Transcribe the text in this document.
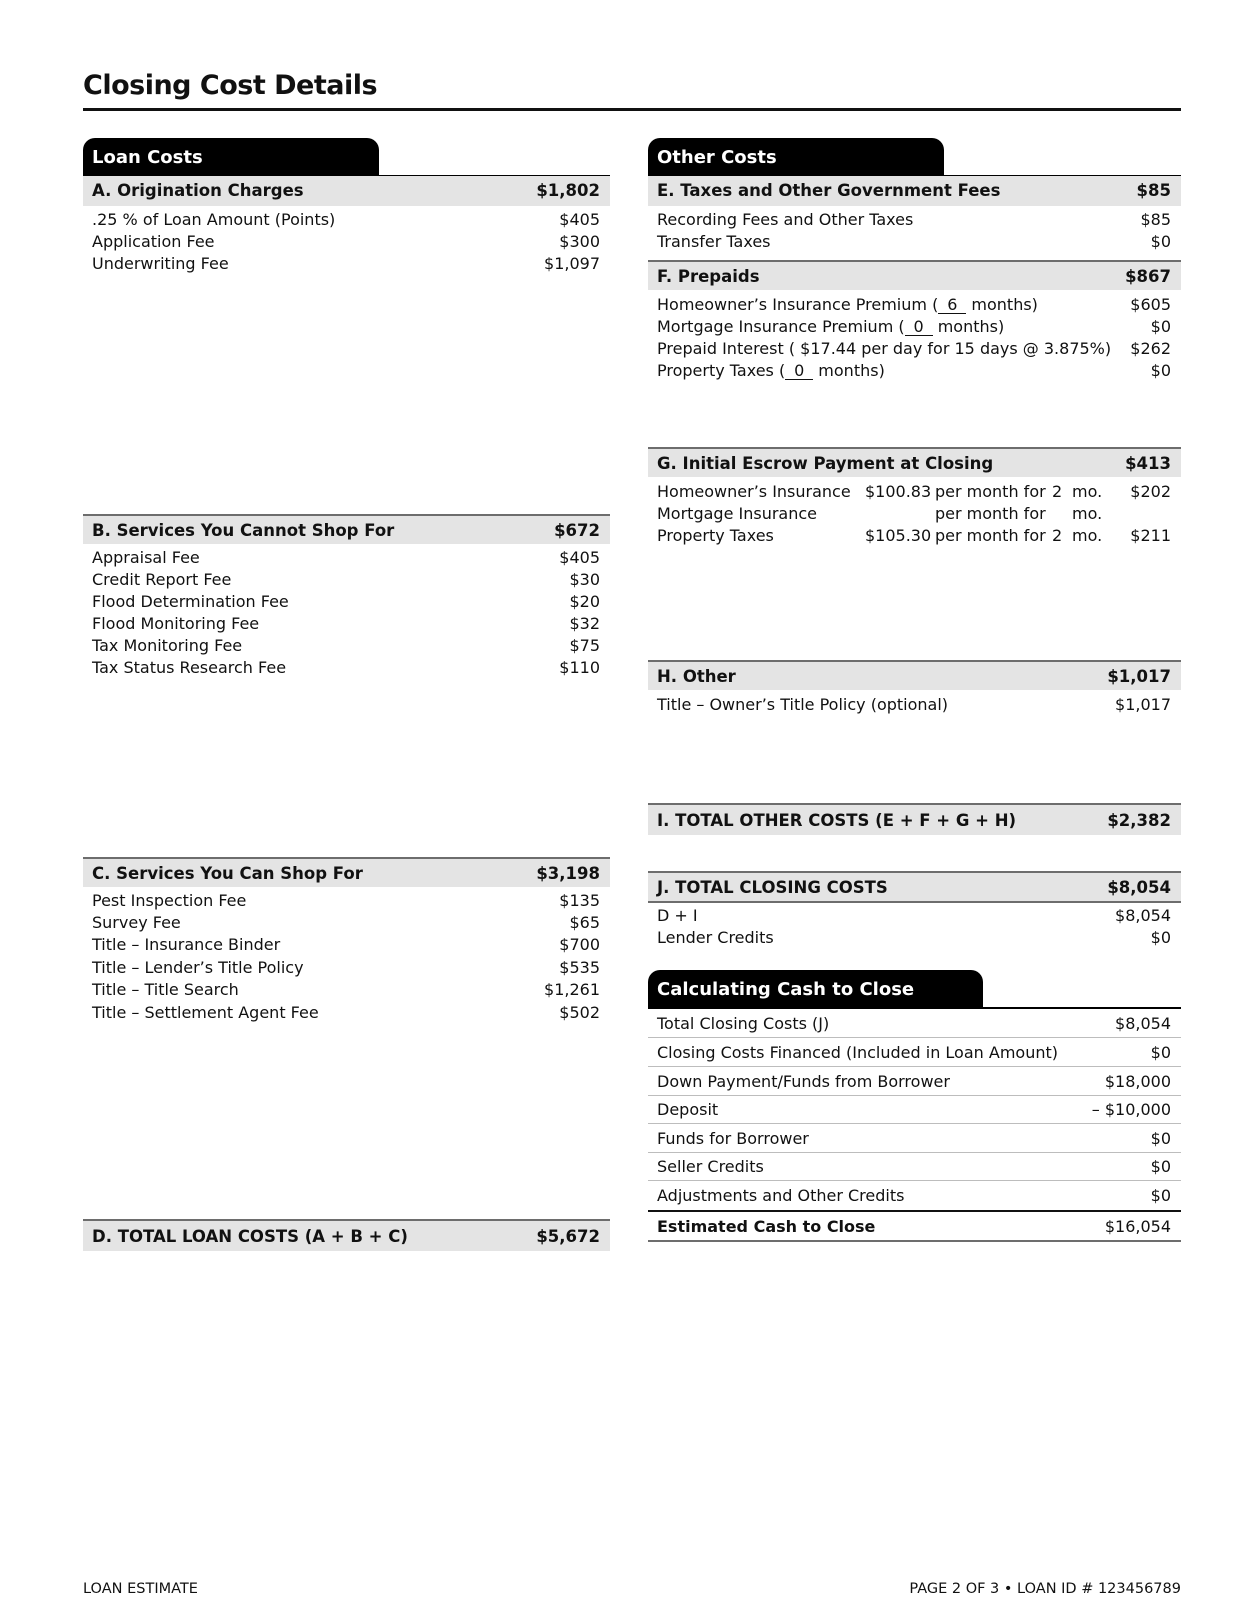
Closing Cost Details
Loan Costs
A. Origination Charges	$1,802
.25 % of Loan Amount (Points)	$405
Application Fee	$300
Underwriting Fee	$1,097
B. Services You Cannot Shop For	$672
Appraisal Fee	$405
Credit Report Fee	$30
Flood Determination Fee	$20
Flood Monitoring Fee	$32
Tax Monitoring Fee	$75
Tax Status Research Fee	$110
C. Services You Can Shop For	$3,198
Pest Inspection Fee	$135
Survey Fee	$65
Title – Insurance Binder	$700
Title – Lender’s Title Policy	$535
Title – Title Search	$1,261
Title – Settlement Agent Fee	$502
D. TOTAL LOAN COSTS (A + B + C)	$5,672
Other Costs
E. Taxes and Other Government Fees	$85
Recording Fees and Other Taxes	$85
Transfer Taxes	$0
F. Prepaids	$867
Homeowner’s Insurance Premium ( 6 months)	$605
Mortgage Insurance Premium ( 0 months)	$0
Prepaid Interest ( $17.44 per day for 15 days @ 3.875%) $262
Property Taxes ( 0 months)	$0
G. Initial Escrow Payment at Closing	$413
Homeowner’s Insurance $100.83 per month for 2 mo. $202
Mortgage Insurance	per month for mo.
Property Taxes	$105.30 per month for 2 mo. $211
H. Other	$1,017
Title – Owner’s Title Policy (optional)	$1,017
I. TOTAL OTHER COSTS (E + F + G + H)	$2,382
J. TOTAL CLOSING COSTS	$8,054
D + I	$8,054
Lender Credits	$0
Calculating Cash to Close
Total Closing Costs (J)	$8,054
Closing Costs Financed (Included in Loan Amount)	$0
Down Payment/Funds from Borrower	$18,000
Deposit	– $10,000
Funds for Borrower	$0
Seller Credits	$0
Adjustments and Other Credits	$0
Estimated Cash to Close	$16,054
LOAN ESTIMATE	PAGE 2 OF 3 • LOAN ID # 123456789
